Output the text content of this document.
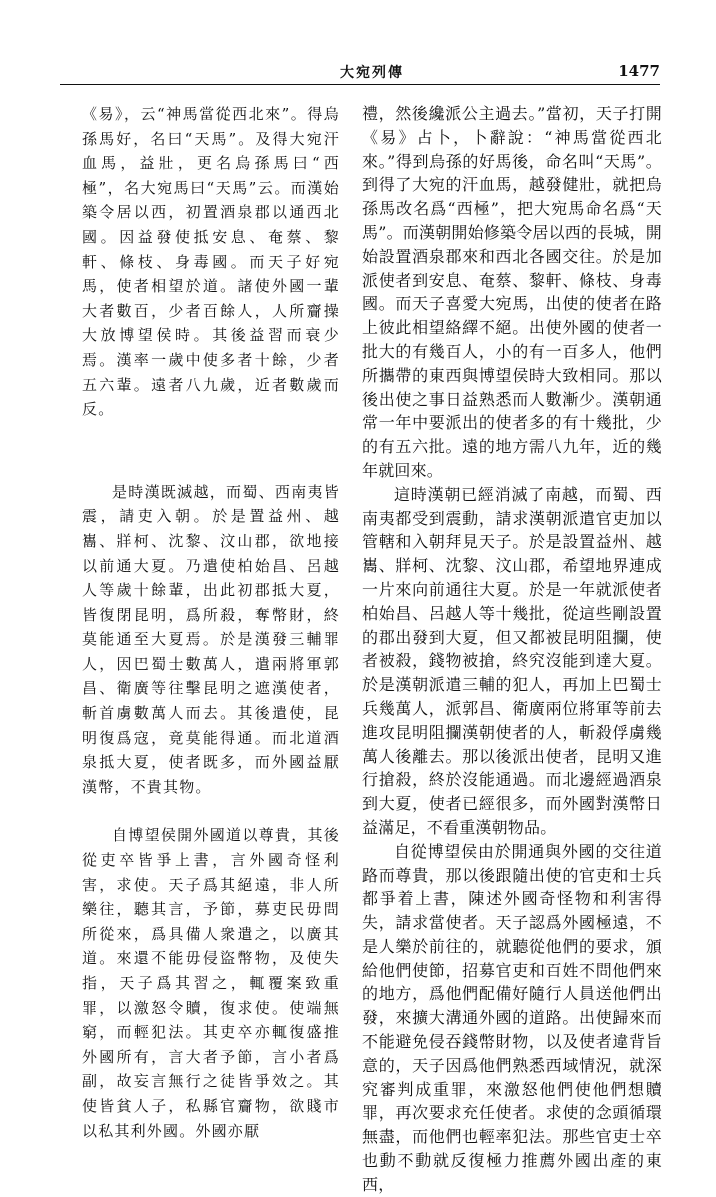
大宛列傳	1477

《易》，云“神馬當從西北來”。得烏孫馬好，名曰“天馬”。及得大宛汗血馬，益壯，更名烏孫馬曰“西極”，名大宛馬曰“天馬”云。而漢始築令居以西，初置酒泉郡以通西北國。因益發使抵安息、奄蔡、黎軒、條枝、身毒國。而天子好宛馬，使者相望於道。諸使外國一輩大者數百，少者百餘人，人所齎操大放博望侯時。其後益習而衰少焉。漢率一歲中使多者十餘，少者五六輩。遠者八九歲，近者數歲而反。

是時漢既滅越，而蜀、西南夷皆震，請吏入朝。於是置益州、越巂、牂柯、沈黎、汶山郡，欲地接以前通大夏。乃遣使柏始昌、呂越人等歲十餘輩，出此初郡抵大夏，皆復閉昆明，爲所殺，奪幣財，終莫能通至大夏焉。於是漢發三輔罪人，因巴蜀士數萬人，遣兩將軍郭昌、衛廣等往擊昆明之遮漢使者，斬首虜數萬人而去。其後遣使，昆明復爲寇，竟莫能得通。而北道酒泉抵大夏，使者既多，而外國益厭漢幣，不貴其物。

自博望侯開外國道以尊貴，其後從吏卒皆爭上書，言外國奇怪利害，求使。天子爲其絕遠，非人所樂往，聽其言，予節，募吏民毋問所從來，爲具備人衆遣之，以廣其道。來還不能毋侵盜幣物，及使失指，天子爲其習之，輒覆案致重罪，以激怒令贖，復求使。使端無窮，而輕犯法。其吏卒亦輒復盛推外國所有，言大者予節，言小者爲副，故妄言無行之徒皆爭效之。其使皆貧人子，私縣官齎物，欲賤市以私其利外國。外國亦厭

禮，然後纔派公主過去。”當初，天子打開《易》占卜，卜辭說：“神馬當從西北來。”得到烏孫的好馬後，命名叫“天馬”。到得了大宛的汗血馬，越發健壯，就把烏孫馬改名爲“西極”，把大宛馬命名爲“天馬”。而漢朝開始修築令居以西的長城，開始設置酒泉郡來和西北各國交往。於是加派使者到安息、奄蔡、黎軒、條枝、身毒國。而天子喜愛大宛馬，出使的使者在路上彼此相望絡繹不絕。出使外國的使者一批大的有幾百人，小的有一百多人，他們所攜帶的東西與博望侯時大致相同。那以後出使之事日益熟悉而人數漸少。漢朝通常一年中要派出的使者多的有十幾批，少的有五六批。遠的地方需八九年，近的幾年就回來。

這時漢朝已經消滅了南越，而蜀、西南夷都受到震動，請求漢朝派遣官吏加以管轄和入朝拜見天子。於是設置益州、越巂、牂柯、沈黎、汶山郡，希望地界連成一片來向前通往大夏。於是一年就派使者柏始昌、呂越人等十幾批，從這些剛設置的郡出發到大夏，但又都被昆明阻攔，使者被殺，錢物被搶，終究沒能到達大夏。於是漢朝派遣三輔的犯人，再加上巴蜀士兵幾萬人，派郭昌、衛廣兩位將軍等前去進攻昆明阻攔漢朝使者的人，斬殺俘虜幾萬人後離去。那以後派出使者，昆明又進行搶殺，終於沒能通過。而北邊經過酒泉到大夏，使者已經很多，而外國對漢幣日益滿足，不看重漢朝物品。

自從博望侯由於開通與外國的交往道路而尊貴，那以後跟隨出使的官吏和士兵都爭着上書，陳述外國奇怪物和利害得失，請求當使者。天子認爲外國極遠，不是人樂於前往的，就聽從他們的要求，頒給他們使節，招募官吏和百姓不問他們來的地方，爲他們配備好隨行人員送他們出發，來擴大溝通外國的道路。出使歸來而不能避免侵吞錢幣財物，以及使者違背旨意的，天子因爲他們熟悉西域情況，就深究審判成重罪，來激怒他們使他們想贖罪，再次要求充任使者。求使的念頭循環無盡，而他們也輕率犯法。那些官吏士卒也動不動就反復極力推薦外國出產的東西，
